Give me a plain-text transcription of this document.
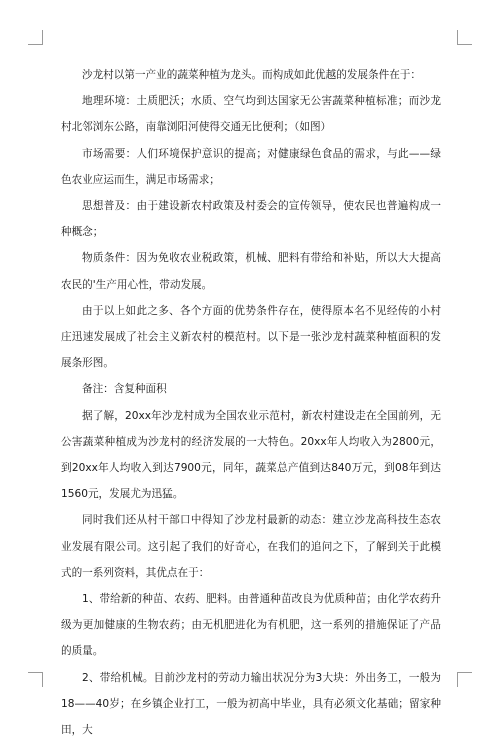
沙龙村以第一产业的蔬菜种植为龙头。而构成如此优越的发展条件在于：

地理环境：土质肥沃；水质、空气均到达国家无公害蔬菜种植标准；而沙龙村北邻浏东公路，南靠浏阳河使得交通无比便利；（如图）

市场需要：人们环境保护意识的提高；对健康绿色食品的需求，与此——绿色农业应运而生，满足市场需求；

思想普及：由于建设新农村政策及村委会的宣传领导，使农民也普遍构成一种概念；

物质条件：因为免收农业税政策，机械、肥料有带给和补贴，所以大大提高农民的'生产用心性，带动发展。

由于以上如此之多、各个方面的优势条件存在，使得原本名不见经传的小村庄迅速发展成了社会主义新农村的模范村。以下是一张沙龙村蔬菜种植面积的发展条形图。

备注：含复种面积

据了解，20xx年沙龙村成为全国农业示范村，新农村建设走在全国前列，无公害蔬菜种植成为沙龙村的经济发展的一大特色。20xx年人均收入为2800元，到20xx年人均收入到达7900元，同年，蔬菜总产值到达840万元，到08年到达1560元，发展尤为迅猛。

同时我们还从村干部口中得知了沙龙村最新的动态：建立沙龙高科技生态农业发展有限公司。这引起了我们的好奇心，在我们的追问之下，了解到关于此模式的一系列资料，其优点在于：

1、带给新的种苗、农药、肥料。由普通种苗改良为优质种苗；由化学农药升级为更加健康的生物农药；由无机肥进化为有机肥，这一系列的措施保证了产品的质量。

2、带给机械。目前沙龙村的劳动力输出状况分为3大块：外出务工，一般为18——40岁；在乡镇企业打工，一般为初高中毕业，具有必须文化基础；留家种田，大
